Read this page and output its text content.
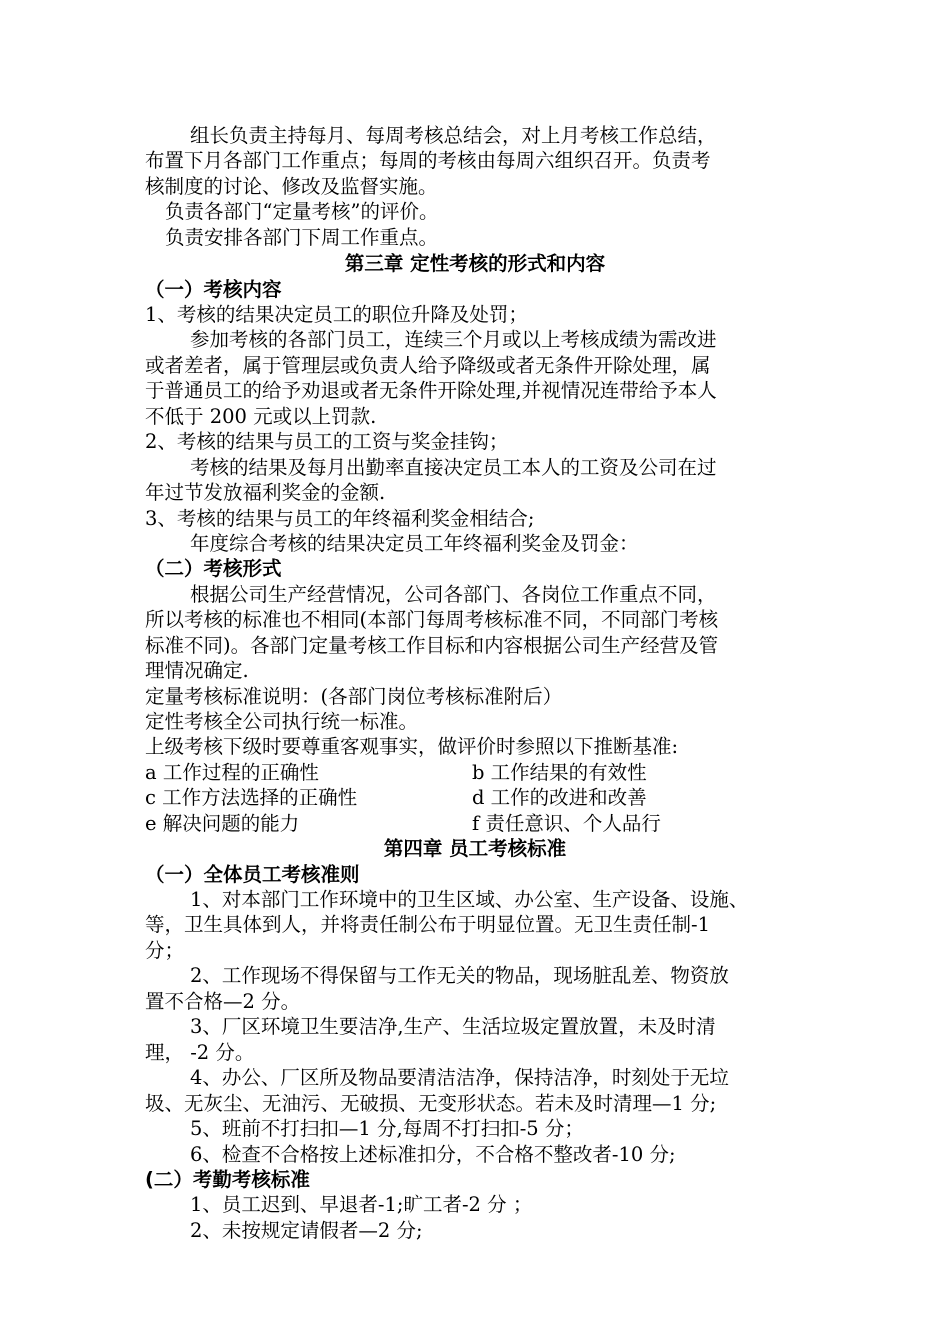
组长负责主持每月、每周考核总结会，对上月考核工作总结，
布置下月各部门工作重点；每周的考核由每周六组织召开。负责考
核制度的讨论、修改及监督实施。
负责各部门“定量考核”的评价。
负责安排各部门下周工作重点。
第三章 定性考核的形式和内容
（一）考核内容
1、考核的结果决定员工的职位升降及处罚；
参加考核的各部门员工，连续三个月或以上考核成绩为需改进
或者差者，属于管理层或负责人给予降级或者无条件开除处理，属
于普通员工的给予劝退或者无条件开除处理,并视情况连带给予本人
不低于 200 元或以上罚款.
2、考核的结果与员工的工资与奖金挂钩；
考核的结果及每月出勤率直接决定员工本人的工资及公司在过
年过节发放福利奖金的金额.
3、考核的结果与员工的年终福利奖金相结合;
年度综合考核的结果决定员工年终福利奖金及罚金：
（二）考核形式
根据公司生产经营情况，公司各部门、各岗位工作重点不同，
所以考核的标准也不相同(本部门每周考核标准不同，不同部门考核
标准不同)。各部门定量考核工作目标和内容根据公司生产经营及管
理情况确定.
定量考核标准说明：(各部门岗位考核标准附后）
定性考核全公司执行统一标准。
上级考核下级时要尊重客观事实，做评价时参照以下推断基准:
a 工作过程的正确性	b 工作结果的有效性
c 工作方法选择的正确性	d 工作的改进和改善
e 解决问题的能力	f 责任意识、个人品行
第四章 员工考核标准
（一）全体员工考核准则
1、对本部门工作环境中的卫生区域、办公室、生产设备、设施、
等，卫生具体到人，并将责任制公布于明显位置。无卫生责任制-1
分；
2、工作现场不得保留与工作无关的物品，现场脏乱差、物资放
置不合格—2 分。
3、厂区环境卫生要洁净,生产、生活垃圾定置放置，未及时清
理， -2 分。
4、办公、厂区所及物品要清洁洁净，保持洁净，时刻处于无垃
圾、无灰尘、无油污、无破损、无变形状态。若未及时清理—1 分;
5、班前不打扫扣—1 分,每周不打扫扣-5 分；
6、检查不合格按上述标准扣分，不合格不整改者-10 分;
(二）考勤考核标准
1、员工迟到、早退者-1;旷工者-2 分 ；
2、未按规定请假者—2 分;
